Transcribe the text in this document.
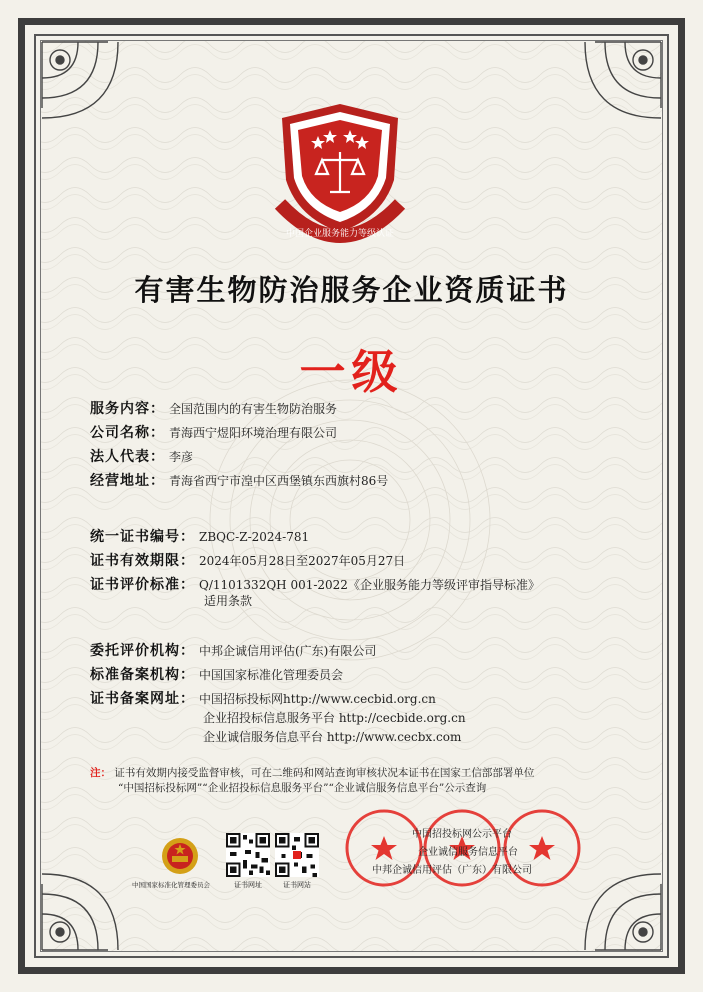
中国企业服务能力等级认证
有害生物防治服务企业资质证书
一级
服务内容： 全国范围内的有害生物防治服务
公司名称： 青海西宁煜阳环境治理有限公司
法人代表： 李彦
经营地址： 青海省西宁市湟中区西堡镇东西旗村86号
统一证书编号： ZBQC-Z-2024-781
证书有效期限： 2024年05月28日至2027年05月27日
证书评价标准： Q/1101332QH 001-2022《企业服务能力等级评审指导标准》
适用条款
委托评价机构： 中邦企诚信用评估(广东)有限公司
标准备案机构： 中国国家标准化管理委员会
证书备案网址： 中国招标投标网http://www.cecbid.org.cn
企业招投标信息服务平台 http://cecbide.org.cn
企业诚信服务信息平台 http://www.cecbx.com
注： 证书有效期内接受监督审核，可在二维码和网站查询审核状况本证书在国家工信部部署单位
“中国招标投标网”“企业招投标信息服务平台”“企业诚信服务信息平台”公示查询
中国国家标准化管理委员会	证书网址	证书网站
中国招投标网公示平台
企业诚信服务信息平台
中邦企诚信用评估（广东）有限公司
